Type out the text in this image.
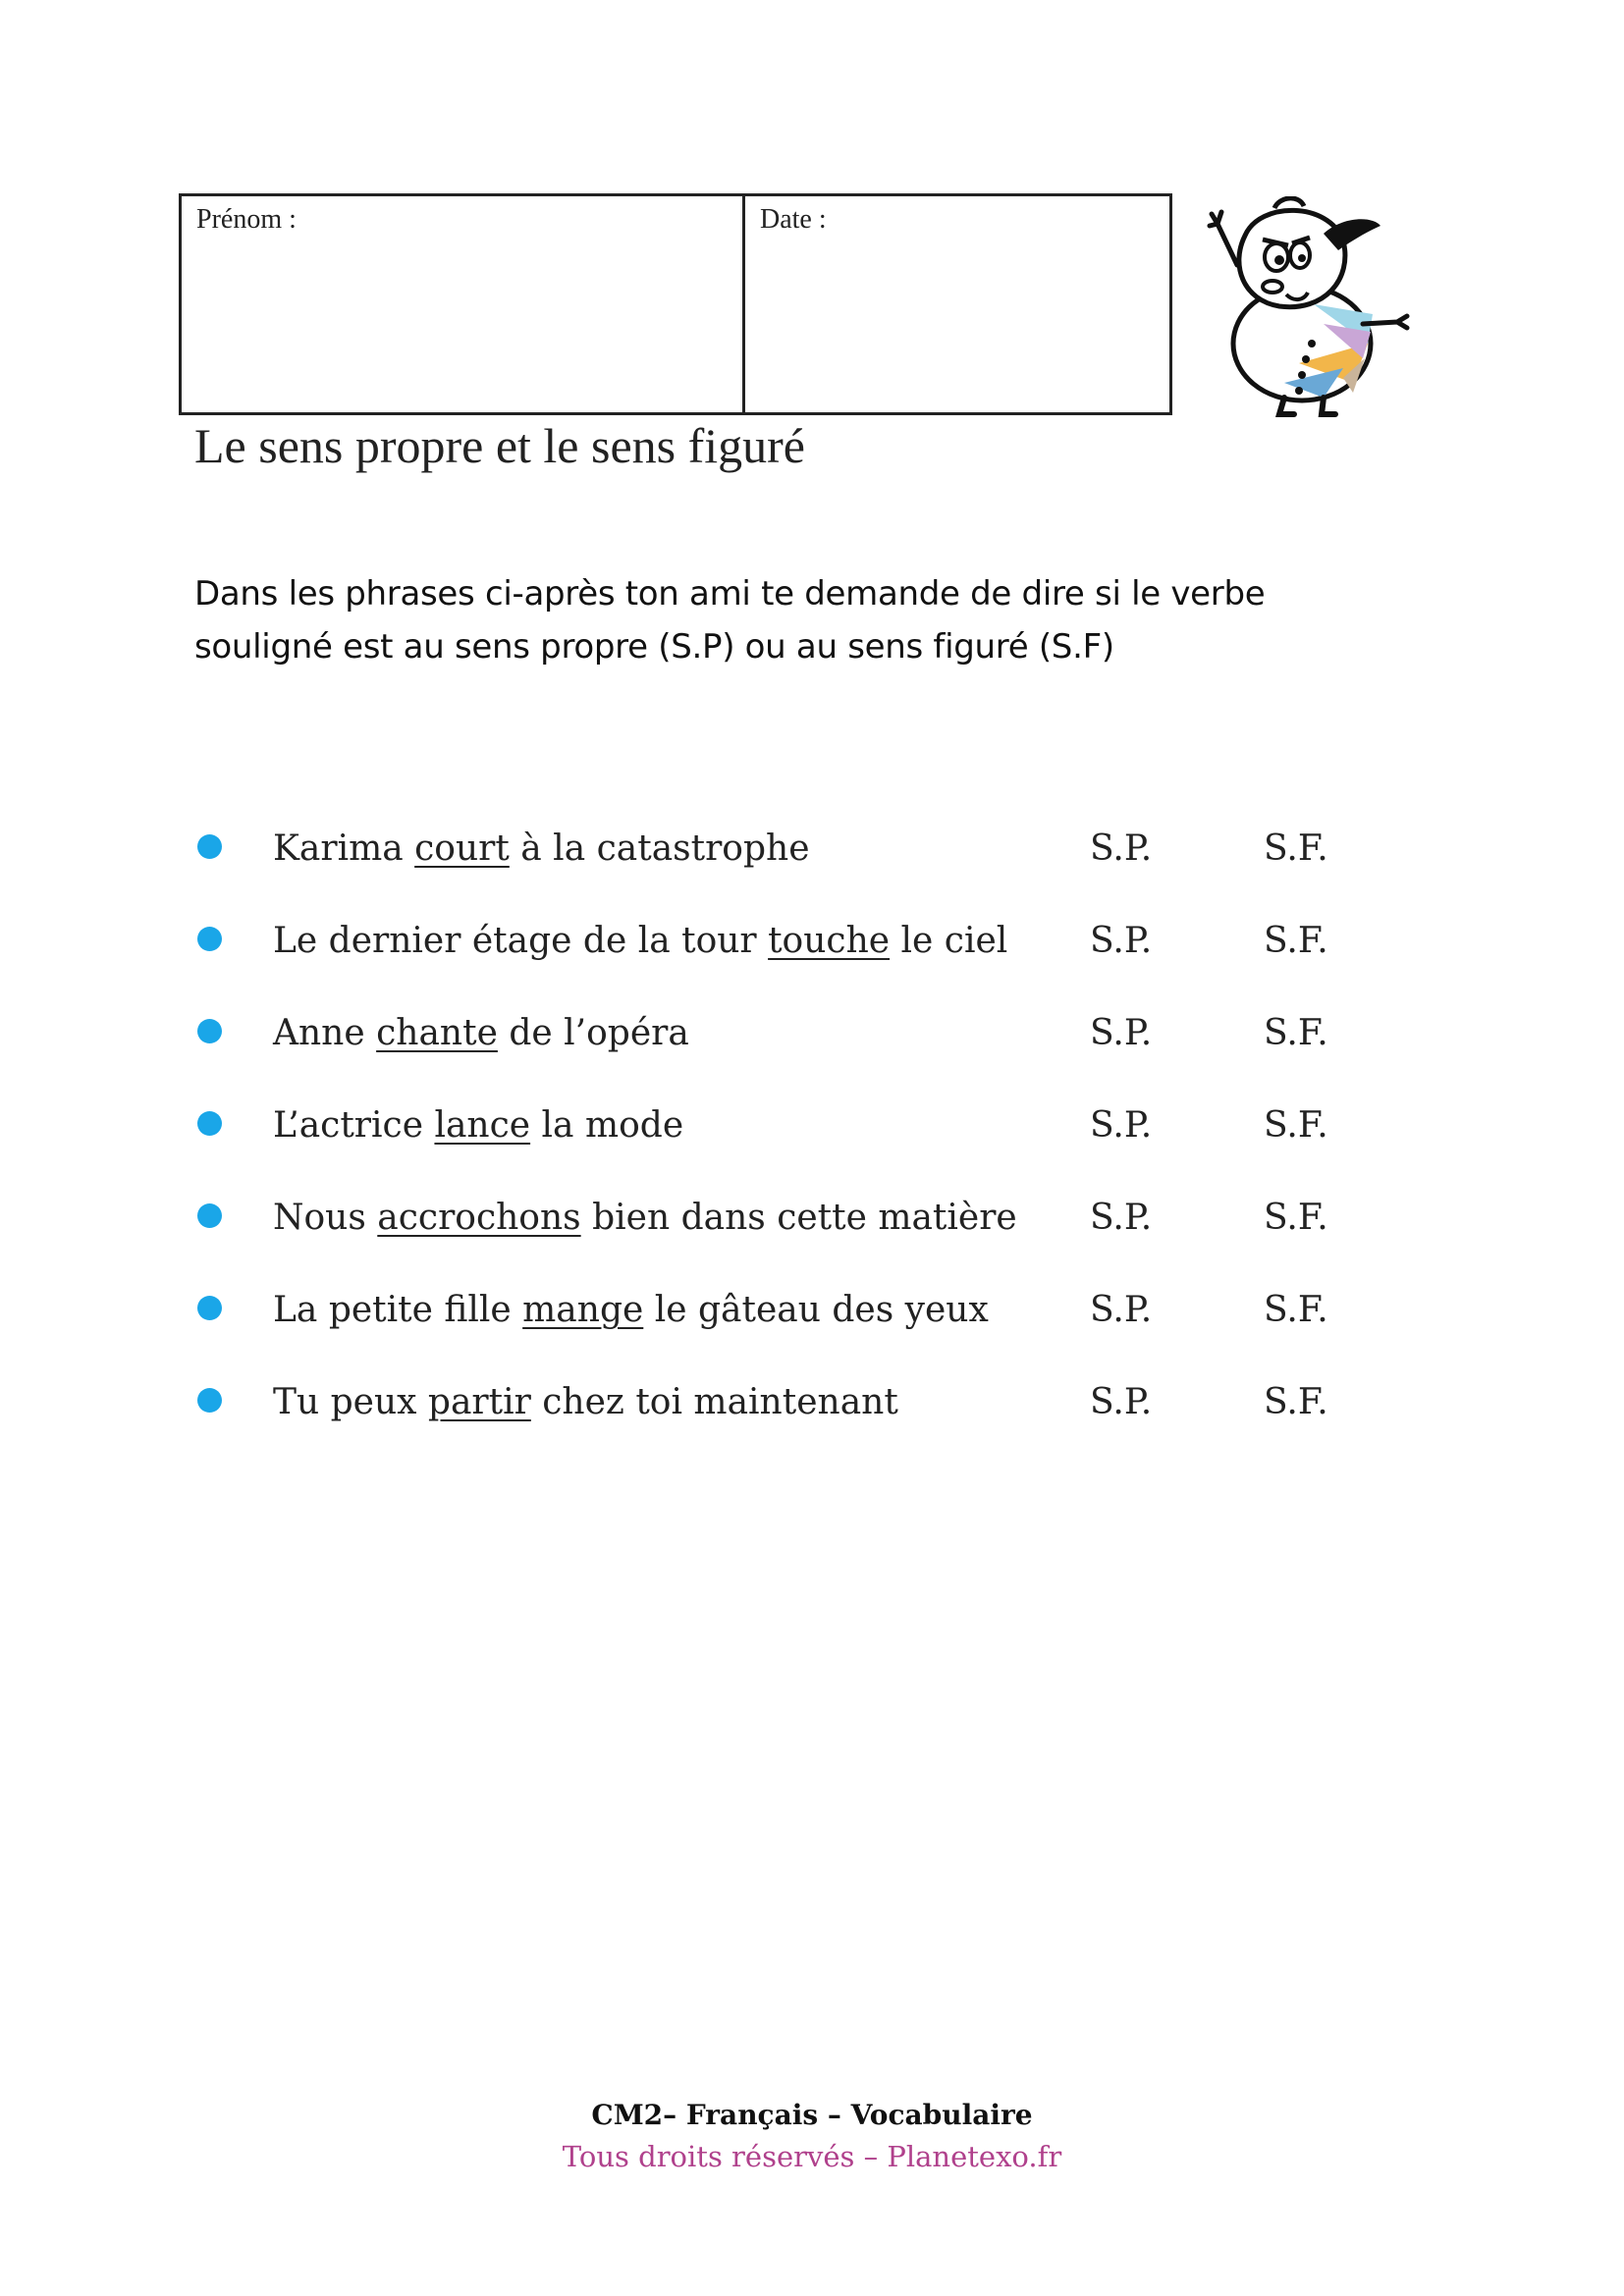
Prénom :	Date :
Le sens propre et le sens figuré
Dans les phrases ci-après ton ami te demande de dire si le verbe
souligné est au sens propre (S.P) ou au sens figuré (S.F)
Karima court à la catastrophe	S.P.	S.F.
Le dernier étage de la tour touche le ciel S.P.	S.F.
Anne chante de l’opéra	S.P.	S.F.
L’actrice lance la mode	S.P.	S.F.
Nous accrochons bien dans cette matière S.P.	S.F.
La petite fille mange le gâteau des yeux	S.P.	S.F.
Tu peux partir chez toi maintenant	S.P.	S.F.
CM2– Français – Vocabulaire
Tous droits réservés – Planetexo.fr
